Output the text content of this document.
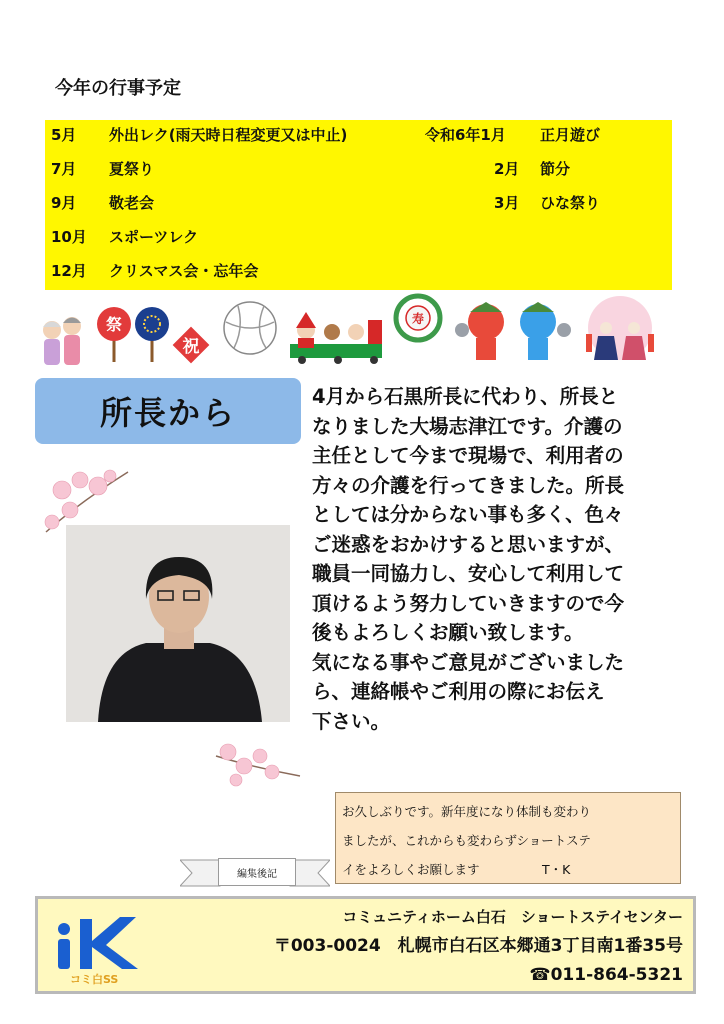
今年の行事予定
5月 外出レク(雨天時日程変更又は中止)	令和6年1月 正月遊び
7月 夏祭り	2月 節分
9月 敬老会	3月 ひな祭り
10月 スポーツレク
12月 クリスマス会・忘年会
祭
祝
寿
所長から	4月から石黒所長に代わり、所長と
なりました大場志津江です。介護の
主任として今まで現場で、利用者の
方々の介護を行ってきました。所長
としては分からない事も多く、色々
ご迷惑をおかけすると思いますが、
職員一同協力し、安心して利用して
頂けるよう努力していきますので今
後もよろしくお願い致します。
気になる事やご意見がございました
ら、連絡帳やご利用の際にお伝え
下さい。
お久しぶりです。新年度になり体制も変わり
ましたが、これからも変わらずショートステ
イをよろしくお願します　　　　　T・K
編集後記
コミ白SS
コミュニティホーム白石　ショートステイセンター
〒003-0024　札幌市白石区本郷通3丁目南1番35号
☎011-864-5321
